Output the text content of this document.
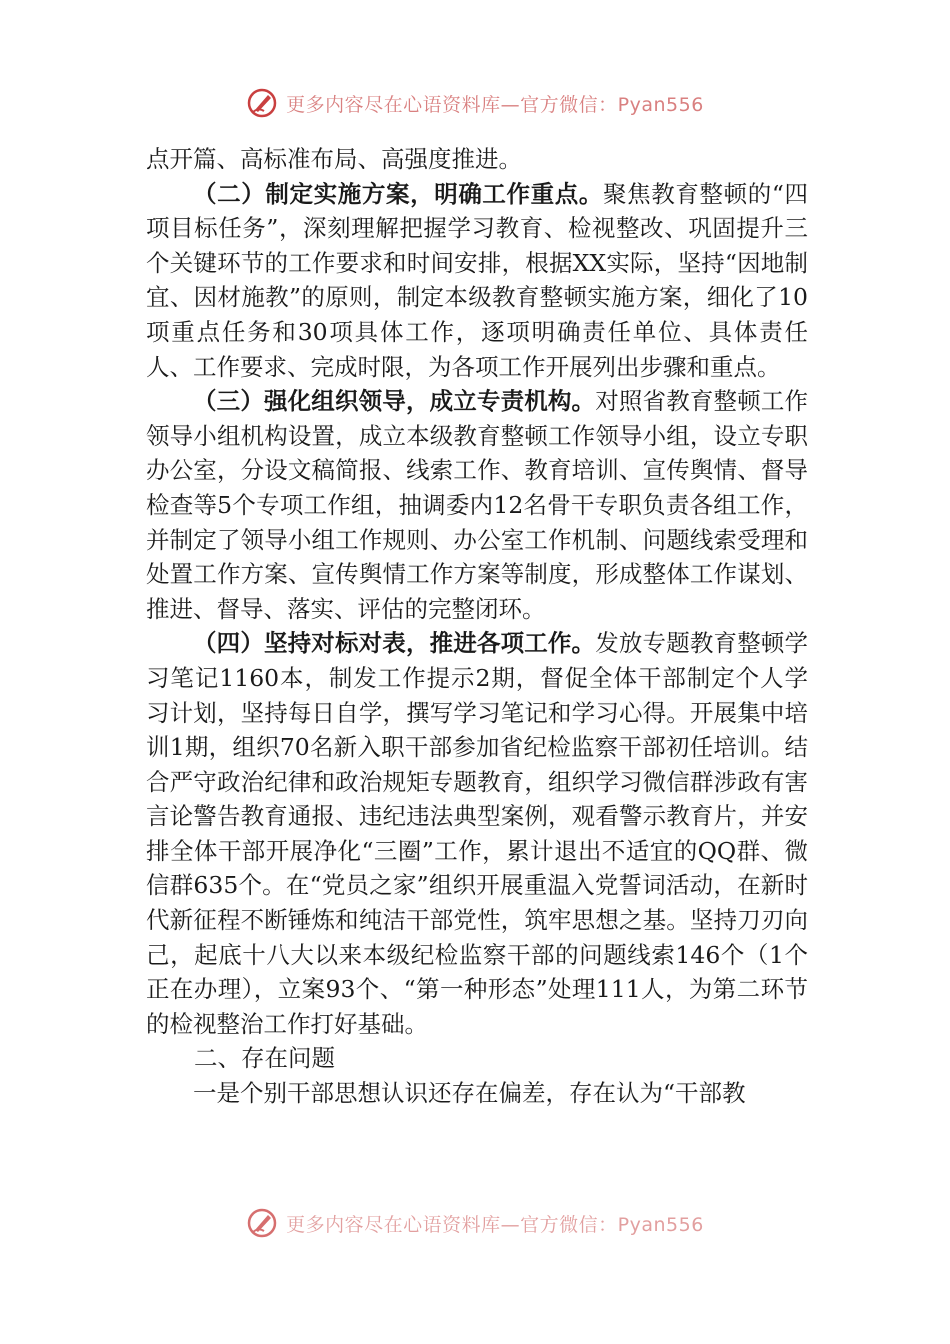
更多内容尽在心语资料库—官方微信：Pyan556

点开篇、高标准布局、高强度推进。

（二）制定实施方案，明确工作重点。聚焦教育整顿的“四项目标任务”，深刻理解把握学习教育、检视整改、巩固提升三个关键环节的工作要求和时间安排，根据XX实际，坚持“因地制宜、因材施教”的原则，制定本级教育整顿实施方案，细化了10项重点任务和30项具体工作，逐项明确责任单位、具体责任人、工作要求、完成时限，为各项工作开展列出步骤和重点。

（三）强化组织领导，成立专责机构。对照省教育整顿工作领导小组机构设置，成立本级教育整顿工作领导小组，设立专职办公室，分设文稿简报、线索工作、教育培训、宣传舆情、督导检查等5个专项工作组，抽调委内12名骨干专职负责各组工作，并制定了领导小组工作规则、办公室工作机制、问题线索受理和处置工作方案、宣传舆情工作方案等制度，形成整体工作谋划、推进、督导、落实、评估的完整闭环。

（四）坚持对标对表，推进各项工作。发放专题教育整顿学习笔记1160本，制发工作提示2期，督促全体干部制定个人学习计划，坚持每日自学，撰写学习笔记和学习心得。开展集中培训1期，组织70名新入职干部参加省纪检监察干部初任培训。结合严守政治纪律和政治规矩专题教育，组织学习微信群涉政有害言论警告教育通报、违纪违法典型案例，观看警示教育片，并安排全体干部开展净化“三圈”工作，累计退出不适宜的QQ群、微信群635个。在“党员之家”组织开展重温入党誓词活动，在新时代新征程不断锤炼和纯洁干部党性，筑牢思想之基。坚持刀刃向己，起底十八大以来本级纪检监察干部的问题线索146个（1个正在办理），立案93个、“第一种形态”处理111人，为第二环节的检视整治工作打好基础。

二、存在问题

一是个别干部思想认识还存在偏差，存在认为“干部教

更多内容尽在心语资料库—官方微信：Pyan556
